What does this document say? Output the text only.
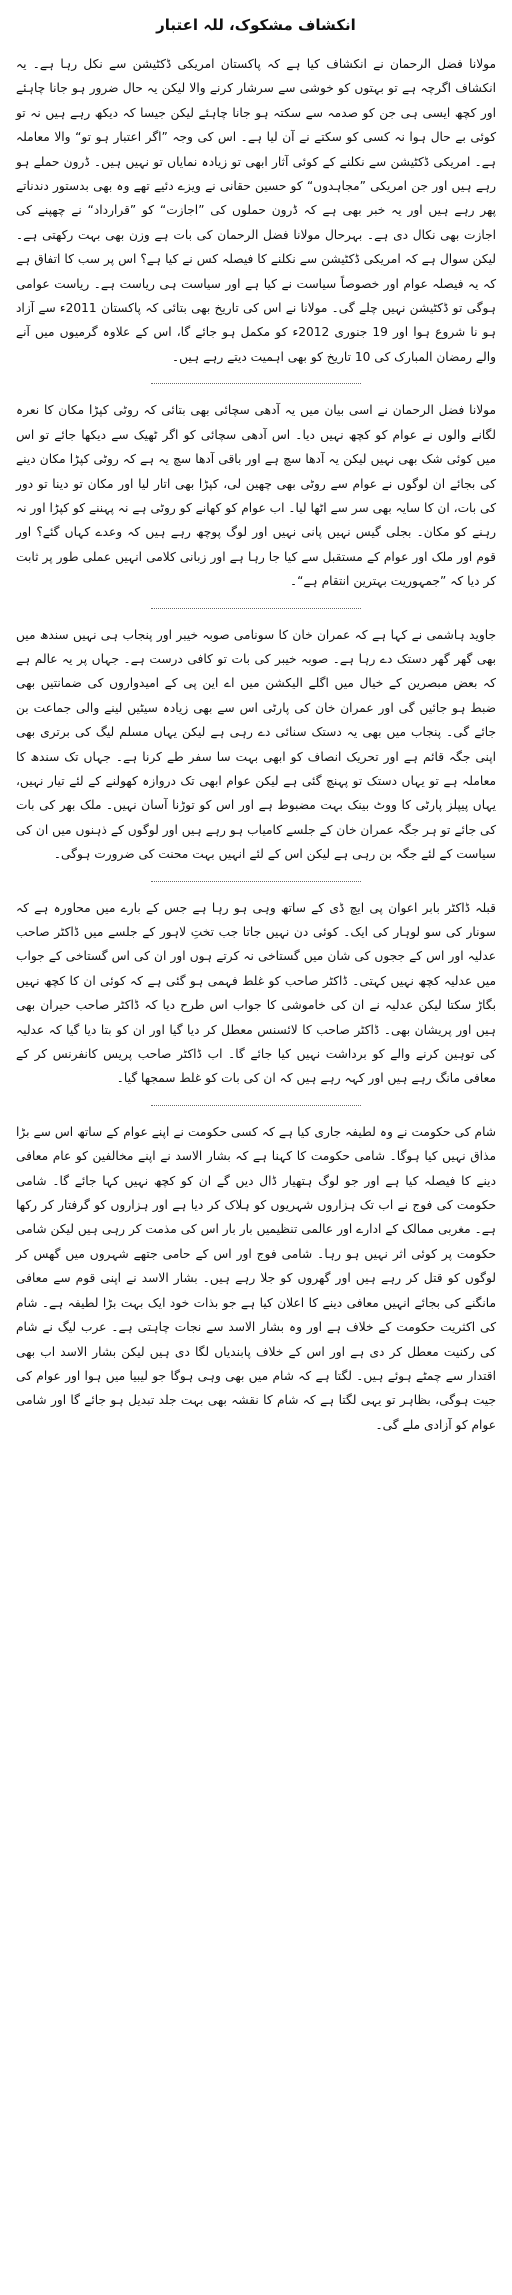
انکشاف مشکوک، للہ اعتبار

مولانا فضل الرحمان نے انکشاف کیا ہے کہ پاکستان امریکی ڈکٹیشن سے نکل رہا ہے۔ یہ انکشاف اگرچہ ہے تو بہتوں کو خوشی سے سرشار کرنے والا لیکن یہ حال ضرور ہو جانا چاہئے اور کچھ ایسی ہی جن کو صدمہ سے سکتہ ہو جانا چاہئے لیکن جیسا کہ دیکھ رہے ہیں نہ تو کوئی بے حال ہوا نہ کسی کو سکتے نے آن لیا ہے۔ اس کی وجہ ”اگر اعتبار ہو تو“ والا معاملہ ہے۔ امریکی ڈکٹیشن سے نکلنے کے کوئی آثار ابھی تو زیادہ نمایاں تو نہیں ہیں۔ ڈرون حملے ہو رہے ہیں اور جن امریکی ”مجاہدوں“ کو حسین حقانی نے ویزے دئیے تھے وہ بھی بدستور دندناتے پھر رہے ہیں اور یہ خبر بھی ہے کہ ڈرون حملوں کی ”اجازت“ کو ”قرارداد“ نے چھپنے کی اجازت بھی نکال دی ہے۔ بہرحال مولانا فضل الرحمان کی بات ہے وزن بھی بہت رکھتی ہے۔ لیکن سوال ہے کہ امریکی ڈکٹیشن سے نکلنے کا فیصلہ کس نے کیا ہے؟ اس پر سب کا اتفاق ہے کہ یہ فیصلہ عوام اور خصوصاً سیاست نے کیا ہے اور سیاست ہی ریاست ہے۔ ریاست عوامی ہوگی تو ڈکٹیشن نہیں چلے گی۔ مولانا نے اس کی تاریخ بھی بتائی کہ پاکستان 2011ء سے آزاد ہو نا شروع ہوا اور 19 جنوری 2012ء کو مکمل ہو جائے گا، اس کے علاوہ گرمیوں میں آنے والے رمضان المبارک کی 10 تاریخ کو بھی اہمیت دیتے رہے ہیں۔

مولانا فضل الرحمان نے اسی بیان میں یہ آدھی سچائی بھی بتائی کہ روٹی کپڑا مکان کا نعرہ لگانے والوں نے عوام کو کچھ نہیں دیا۔ اس آدھی سچائی کو اگر ٹھیک سے دیکھا جائے تو اس میں کوئی شک بھی نہیں لیکن یہ آدھا سچ ہے اور باقی آدھا سچ یہ ہے کہ روٹی کپڑا مکان دینے کی بجائے ان لوگوں نے عوام سے روٹی بھی چھین لی، کپڑا بھی اتار لیا اور مکان تو دینا تو دور کی بات، ان کا سایہ بھی سر سے اٹھا لیا۔ اب عوام کو کھانے کو روٹی ہے نہ پہننے کو کپڑا اور نہ رہنے کو مکان۔ بجلی گیس نہیں پانی نہیں اور لوگ پوچھ رہے ہیں کہ وعدے کہاں گئے؟ اور قوم اور ملک اور عوام کے مستقبل سے کیا جا رہا ہے اور زبانی کلامی انہیں عملی طور پر ثابت کر دیا کہ ”جمہوریت بہترین انتقام ہے“۔

جاوید ہاشمی نے کہا ہے کہ عمران خان کا سونامی صوبہ خیبر اور پنجاب ہی نہیں سندھ میں بھی گھر گھر دستک دے رہا ہے۔ صوبہ خیبر کی بات تو کافی درست ہے۔ جہاں پر یہ عالم ہے کہ بعض مبصرین کے خیال میں اگلے الیکشن میں اے این پی کے امیدواروں کی ضمانتیں بھی ضبط ہو جائیں گی اور عمران خان کی پارٹی اس سے بھی زیادہ سیٹیں لینے والی جماعت بن جائے گی۔ پنجاب میں بھی یہ دستک سنائی دے رہی ہے لیکن یہاں مسلم لیگ کی برتری بھی اپنی جگہ قائم ہے اور تحریک انصاف کو ابھی بہت سا سفر طے کرنا ہے۔ جہاں تک سندھ کا معاملہ ہے تو یہاں دستک تو پہنچ گئی ہے لیکن عوام ابھی تک دروازہ کھولنے کے لئے تیار نہیں، یہاں پیپلز پارٹی کا ووٹ بینک بہت مضبوط ہے اور اس کو توڑنا آسان نہیں۔ ملک بھر کی بات کی جائے تو ہر جگہ عمران خان کے جلسے کامیاب ہو رہے ہیں اور لوگوں کے ذہنوں میں ان کی سیاست کے لئے جگہ بن رہی ہے لیکن اس کے لئے انہیں بہت محنت کی ضرورت ہوگی۔

قبلہ ڈاکٹر بابر اعوان پی ایچ ڈی کے ساتھ وہی ہو رہا ہے جس کے بارے میں محاورہ ہے کہ سونار کی سو لوہار کی ایک۔ کوئی دن نہیں جاتا جب تختِ لاہور کے جلسے میں ڈاکٹر صاحب عدلیہ اور اس کے ججوں کی شان میں گستاخی نہ کرتے ہوں اور ان کی اس گستاخی کے جواب میں عدلیہ کچھ نہیں کہتی۔ ڈاکٹر صاحب کو غلط فہمی ہو گئی ہے کہ کوئی ان کا کچھ نہیں بگاڑ سکتا لیکن عدلیہ نے ان کی خاموشی کا جواب اس طرح دیا کہ ڈاکٹر صاحب حیران بھی ہیں اور پریشان بھی۔ ڈاکٹر صاحب کا لائسنس معطل کر دیا گیا اور ان کو بتا دیا گیا کہ عدلیہ کی توہین کرنے والے کو برداشت نہیں کیا جائے گا۔ اب ڈاکٹر صاحب پریس کانفرنس کر کے معافی مانگ رہے ہیں اور کہہ رہے ہیں کہ ان کی بات کو غلط سمجھا گیا۔

شام کی حکومت نے وہ لطیفہ جاری کیا ہے کہ کسی حکومت نے اپنے عوام کے ساتھ اس سے بڑا مذاق نہیں کیا ہوگا۔ شامی حکومت کا کہنا ہے کہ بشار الاسد نے اپنے مخالفین کو عام معافی دینے کا فیصلہ کیا ہے اور جو لوگ ہتھیار ڈال دیں گے ان کو کچھ نہیں کہا جائے گا۔ شامی حکومت کی فوج نے اب تک ہزاروں شہریوں کو ہلاک کر دیا ہے اور ہزاروں کو گرفتار کر رکھا ہے۔ مغربی ممالک کے ادارے اور عالمی تنظیمیں بار بار اس کی مذمت کر رہی ہیں لیکن شامی حکومت پر کوئی اثر نہیں ہو رہا۔ شامی فوج اور اس کے حامی جتھے شہروں میں گھس کر لوگوں کو قتل کر رہے ہیں اور گھروں کو جلا رہے ہیں۔ بشار الاسد نے اپنی قوم سے معافی مانگنے کی بجائے انہیں معافی دینے کا اعلان کیا ہے جو بذات خود ایک بہت بڑا لطیفہ ہے۔ شام کی اکثریت حکومت کے خلاف ہے اور وہ بشار الاسد سے نجات چاہتی ہے۔ عرب لیگ نے شام کی رکنیت معطل کر دی ہے اور اس کے خلاف پابندیاں لگا دی ہیں لیکن بشار الاسد اب بھی اقتدار سے چمٹے ہوئے ہیں۔ لگتا ہے کہ شام میں بھی وہی ہوگا جو لیبیا میں ہوا اور عوام کی جیت ہوگی، بظاہر تو یہی لگتا ہے کہ شام کا نقشہ بھی بہت جلد تبدیل ہو جائے گا اور شامی عوام کو آزادی ملے گی۔
